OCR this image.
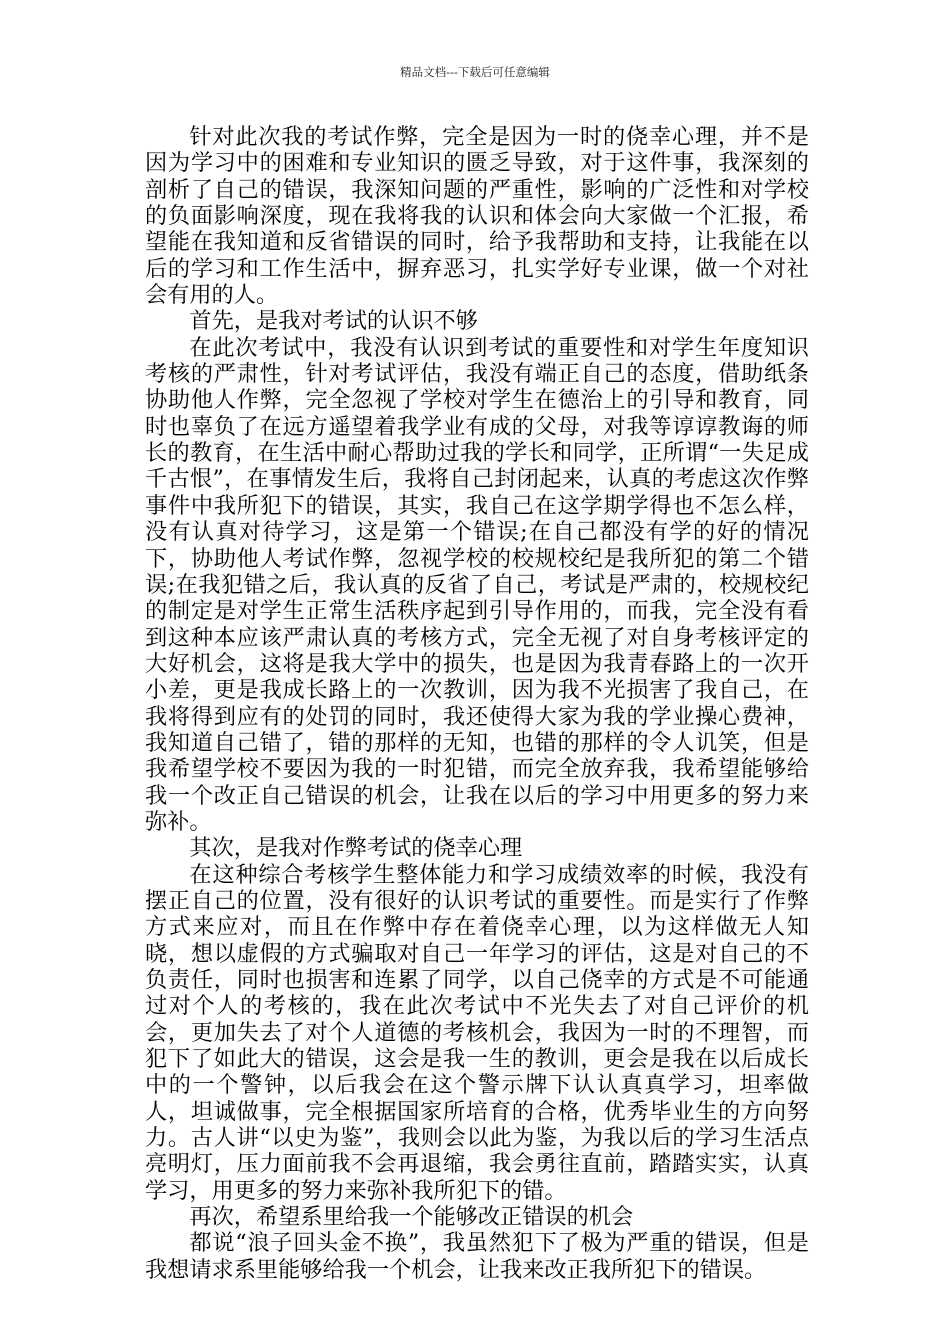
精品文档---下载后可任意编辑

针对此次我的考试作弊，完全是因为一时的侥幸心理，并不是因为学习中的困难和专业知识的匮乏导致，对于这件事，我深刻的剖析了自己的错误，我深知问题的严重性，影响的广泛性和对学校的负面影响深度，现在我将我的认识和体会向大家做一个汇报，希望能在我知道和反省错误的同时，给予我帮助和支持，让我能在以后的学习和工作生活中，摒弃恶习，扎实学好专业课，做一个对社会有用的人。

首先，是我对考试的认识不够

在此次考试中，我没有认识到考试的重要性和对学生年度知识考核的严肃性，针对考试评估，我没有端正自己的态度，借助纸条协助他人作弊，完全忽视了学校对学生在德治上的引导和教育，同时也辜负了在远方遥望着我学业有成的父母，对我等谆谆教诲的师长的教育，在生活中耐心帮助过我的学长和同学，正所谓“一失足成千古恨”，在事情发生后，我将自己封闭起来，认真的考虑这次作弊事件中我所犯下的错误，其实，我自己在这学期学得也不怎么样，没有认真对待学习，这是第一个错误;在自己都没有学的好的情况下，协助他人考试作弊，忽视学校的校规校纪是我所犯的第二个错误;在我犯错之后，我认真的反省了自己，考试是严肃的，校规校纪的制定是对学生正常生活秩序起到引导作用的，而我，完全没有看到这种本应该严肃认真的考核方式，完全无视了对自身考核评定的大好机会，这将是我大学中的损失，也是因为我青春路上的一次开小差，更是我成长路上的一次教训，因为我不光损害了我自己，在我将得到应有的处罚的同时，我还使得大家为我的学业操心费神，我知道自己错了，错的那样的无知，也错的那样的令人讥笑，但是我希望学校不要因为我的一时犯错，而完全放弃我，我希望能够给我一个改正自己错误的机会，让我在以后的学习中用更多的努力来弥补。

其次，是我对作弊考试的侥幸心理

在这种综合考核学生整体能力和学习成绩效率的时候，我没有摆正自己的位置，没有很好的认识考试的重要性。而是实行了作弊方式来应对，而且在作弊中存在着侥幸心理，以为这样做无人知晓，想以虚假的方式骗取对自己一年学习的评估，这是对自己的不负责任，同时也损害和连累了同学，以自己侥幸的方式是不可能通过对个人的考核的，我在此次考试中不光失去了对自己评价的机会，更加失去了对个人道德的考核机会，我因为一时的不理智，而犯下了如此大的错误，这会是我一生的教训，更会是我在以后成长中的一个警钟，以后我会在这个警示牌下认认真真学习，坦率做人，坦诚做事，完全根据国家所培育的合格，优秀毕业生的方向努力。古人讲“以史为鉴”，我则会以此为鉴，为我以后的学习生活点亮明灯，压力面前我不会再退缩，我会勇往直前，踏踏实实，认真学习，用更多的努力来弥补我所犯下的错。

再次，希望系里给我一个能够改正错误的机会

都说“浪子回头金不换”，我虽然犯下了极为严重的错误，但是我想请求系里能够给我一个机会，让我来改正我所犯下的错误。
